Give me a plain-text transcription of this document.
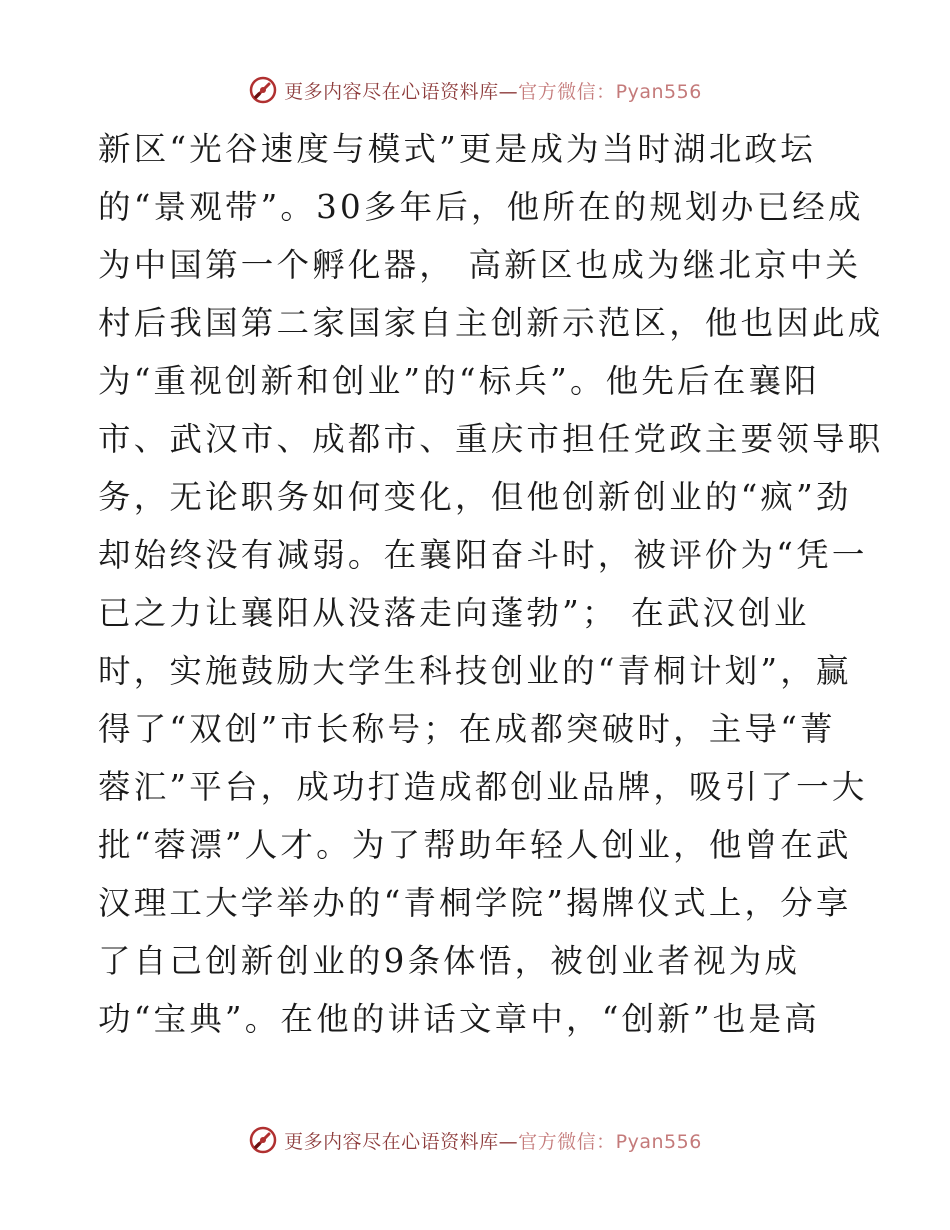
更多内容尽在心语资料库—官方微信：Pyan556
新区“光谷速度与模式”更是成为当时湖北政坛
的“景观带”。30多年后，他所在的规划办已经成
为中国第一个孵化器， 高新区也成为继北京中关
村后我国第二家国家自主创新示范区，他也因此成
为“重视创新和创业”的“标兵”。他先后在襄阳
市、武汉市、成都市、重庆市担任党政主要领导职
务，无论职务如何变化，但他创新创业的“疯”劲
却始终没有减弱。在襄阳奋斗时，被评价为“凭一
已之力让襄阳从没落走向蓬勃”； 在武汉创业
时，实施鼓励大学生科技创业的“青桐计划”，赢
得了“双创”市长称号；在成都突破时，主导“菁
蓉汇”平台，成功打造成都创业品牌，吸引了一大
批“蓉漂”人才。为了帮助年轻人创业，他曾在武
汉理工大学举办的“青桐学院”揭牌仪式上，分享
了自己创新创业的9条体悟，被创业者视为成
功“宝典”。在他的讲话文章中，“创新”也是高
更多内容尽在心语资料库—官方微信：Pyan556
